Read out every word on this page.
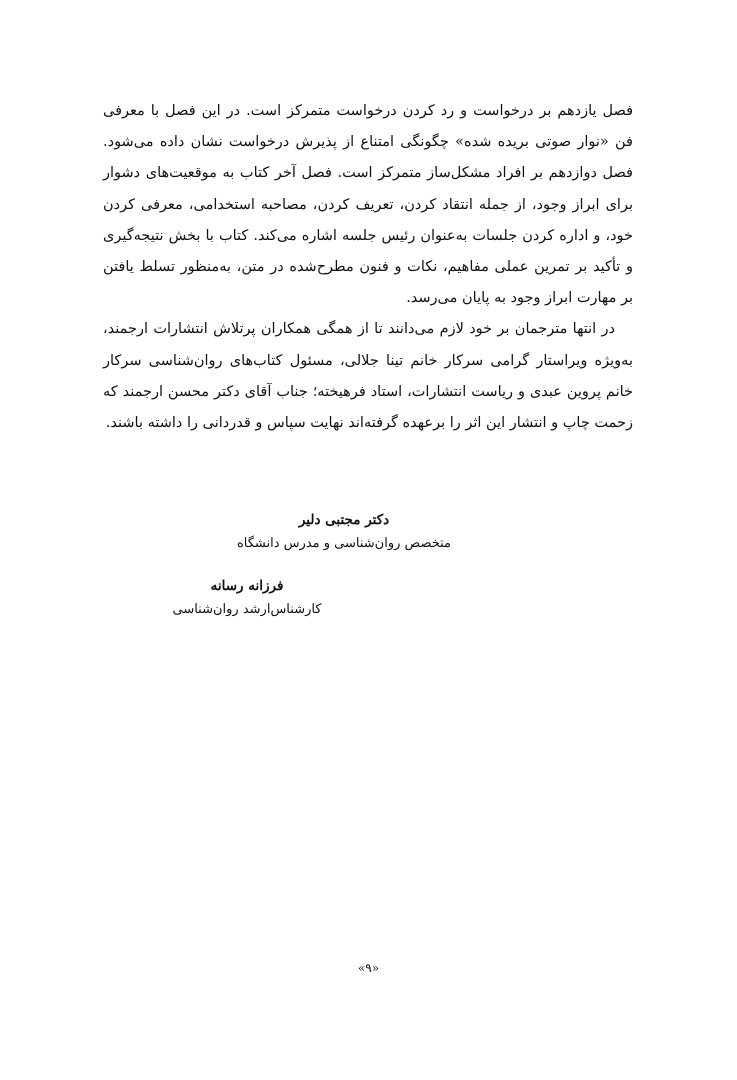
فصل یازدهم بر درخواست و رد کردن درخواست متمرکز است. در این فصل با معرفی فن «نوار صوتی بریده شده» چگونگی امتناع از پذیرش درخواست نشان داده می‌شود. فصل دوازدهم بر افراد مشکل‌ساز متمرکز است. فصل آخر کتاب به موقعیت‌های دشوار برای ابراز وجود، از جمله انتقاد کردن، تعریف کردن، مصاحبه استخدامی، معرفی کردن خود، و اداره کردن جلسات به‌عنوان رئیس جلسه اشاره می‌کند. کتاب با بخش نتیجه‌گیری و تأکید بر تمرین عملی مفاهیم، نکات و فنون مطرح‌شده در متن، به‌منظور تسلط یافتن بر مهارت ابراز وجود به پایان می‌رسد.

در انتها مترجمان بر خود لازم می‌دانند تا از همگی همکاران پرتلاش انتشارات ارجمند، به‌ویژه ویراستار گرامی سرکار خانم تینا جلالی، مسئول کتاب‌های روان‌شناسی سرکار خانم پروین عبدی و ریاست انتشارات، استاد فرهیخته؛ جناب آقای دکتر محسن ارجمند که زحمت چاپ و انتشار این اثر را برعهده گرفته‌اند نهایت سپاس و قدردانی را داشته باشند.

دکتر مجتبی دلیر
متخصص روان‌شناسی و مدرس دانشگاه
فرزانه رسانه
کارشناس‌ارشد روان‌شناسی
«۹»
